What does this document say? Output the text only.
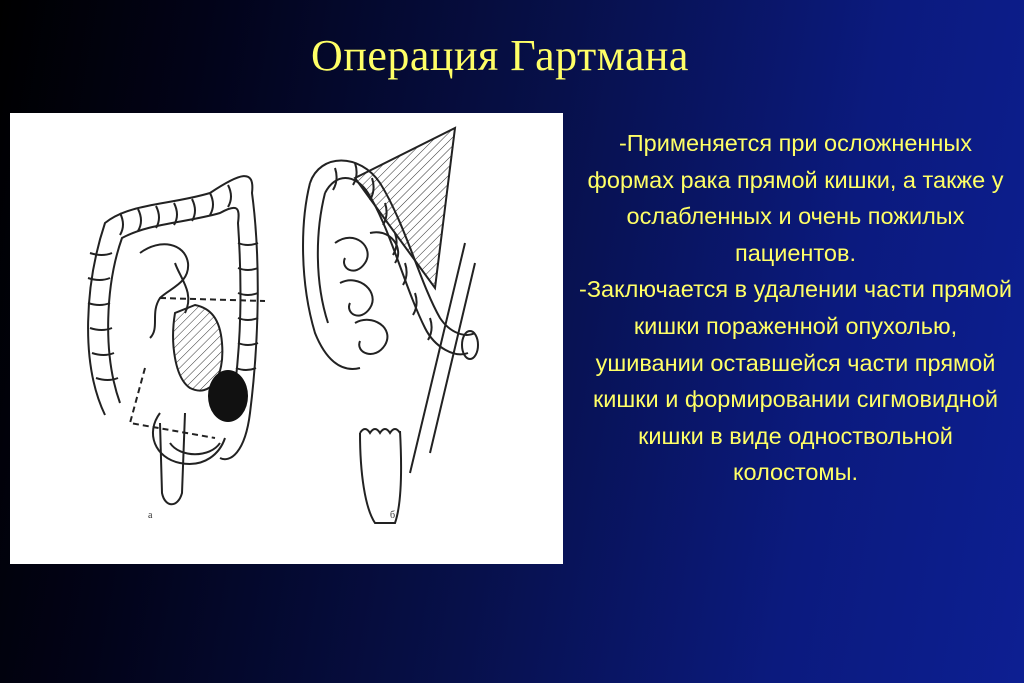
Операция Гартмана
а	б

-Применяется при осложненных формах рака прямой кишки, а также у ослабленных и очень пожилых пациентов.

-Заключается в удалении части прямой кишки пораженной опухолью, ушивании оставшейся части прямой кишки и формировании сигмовидной кишки в виде одноствольной колостомы.
